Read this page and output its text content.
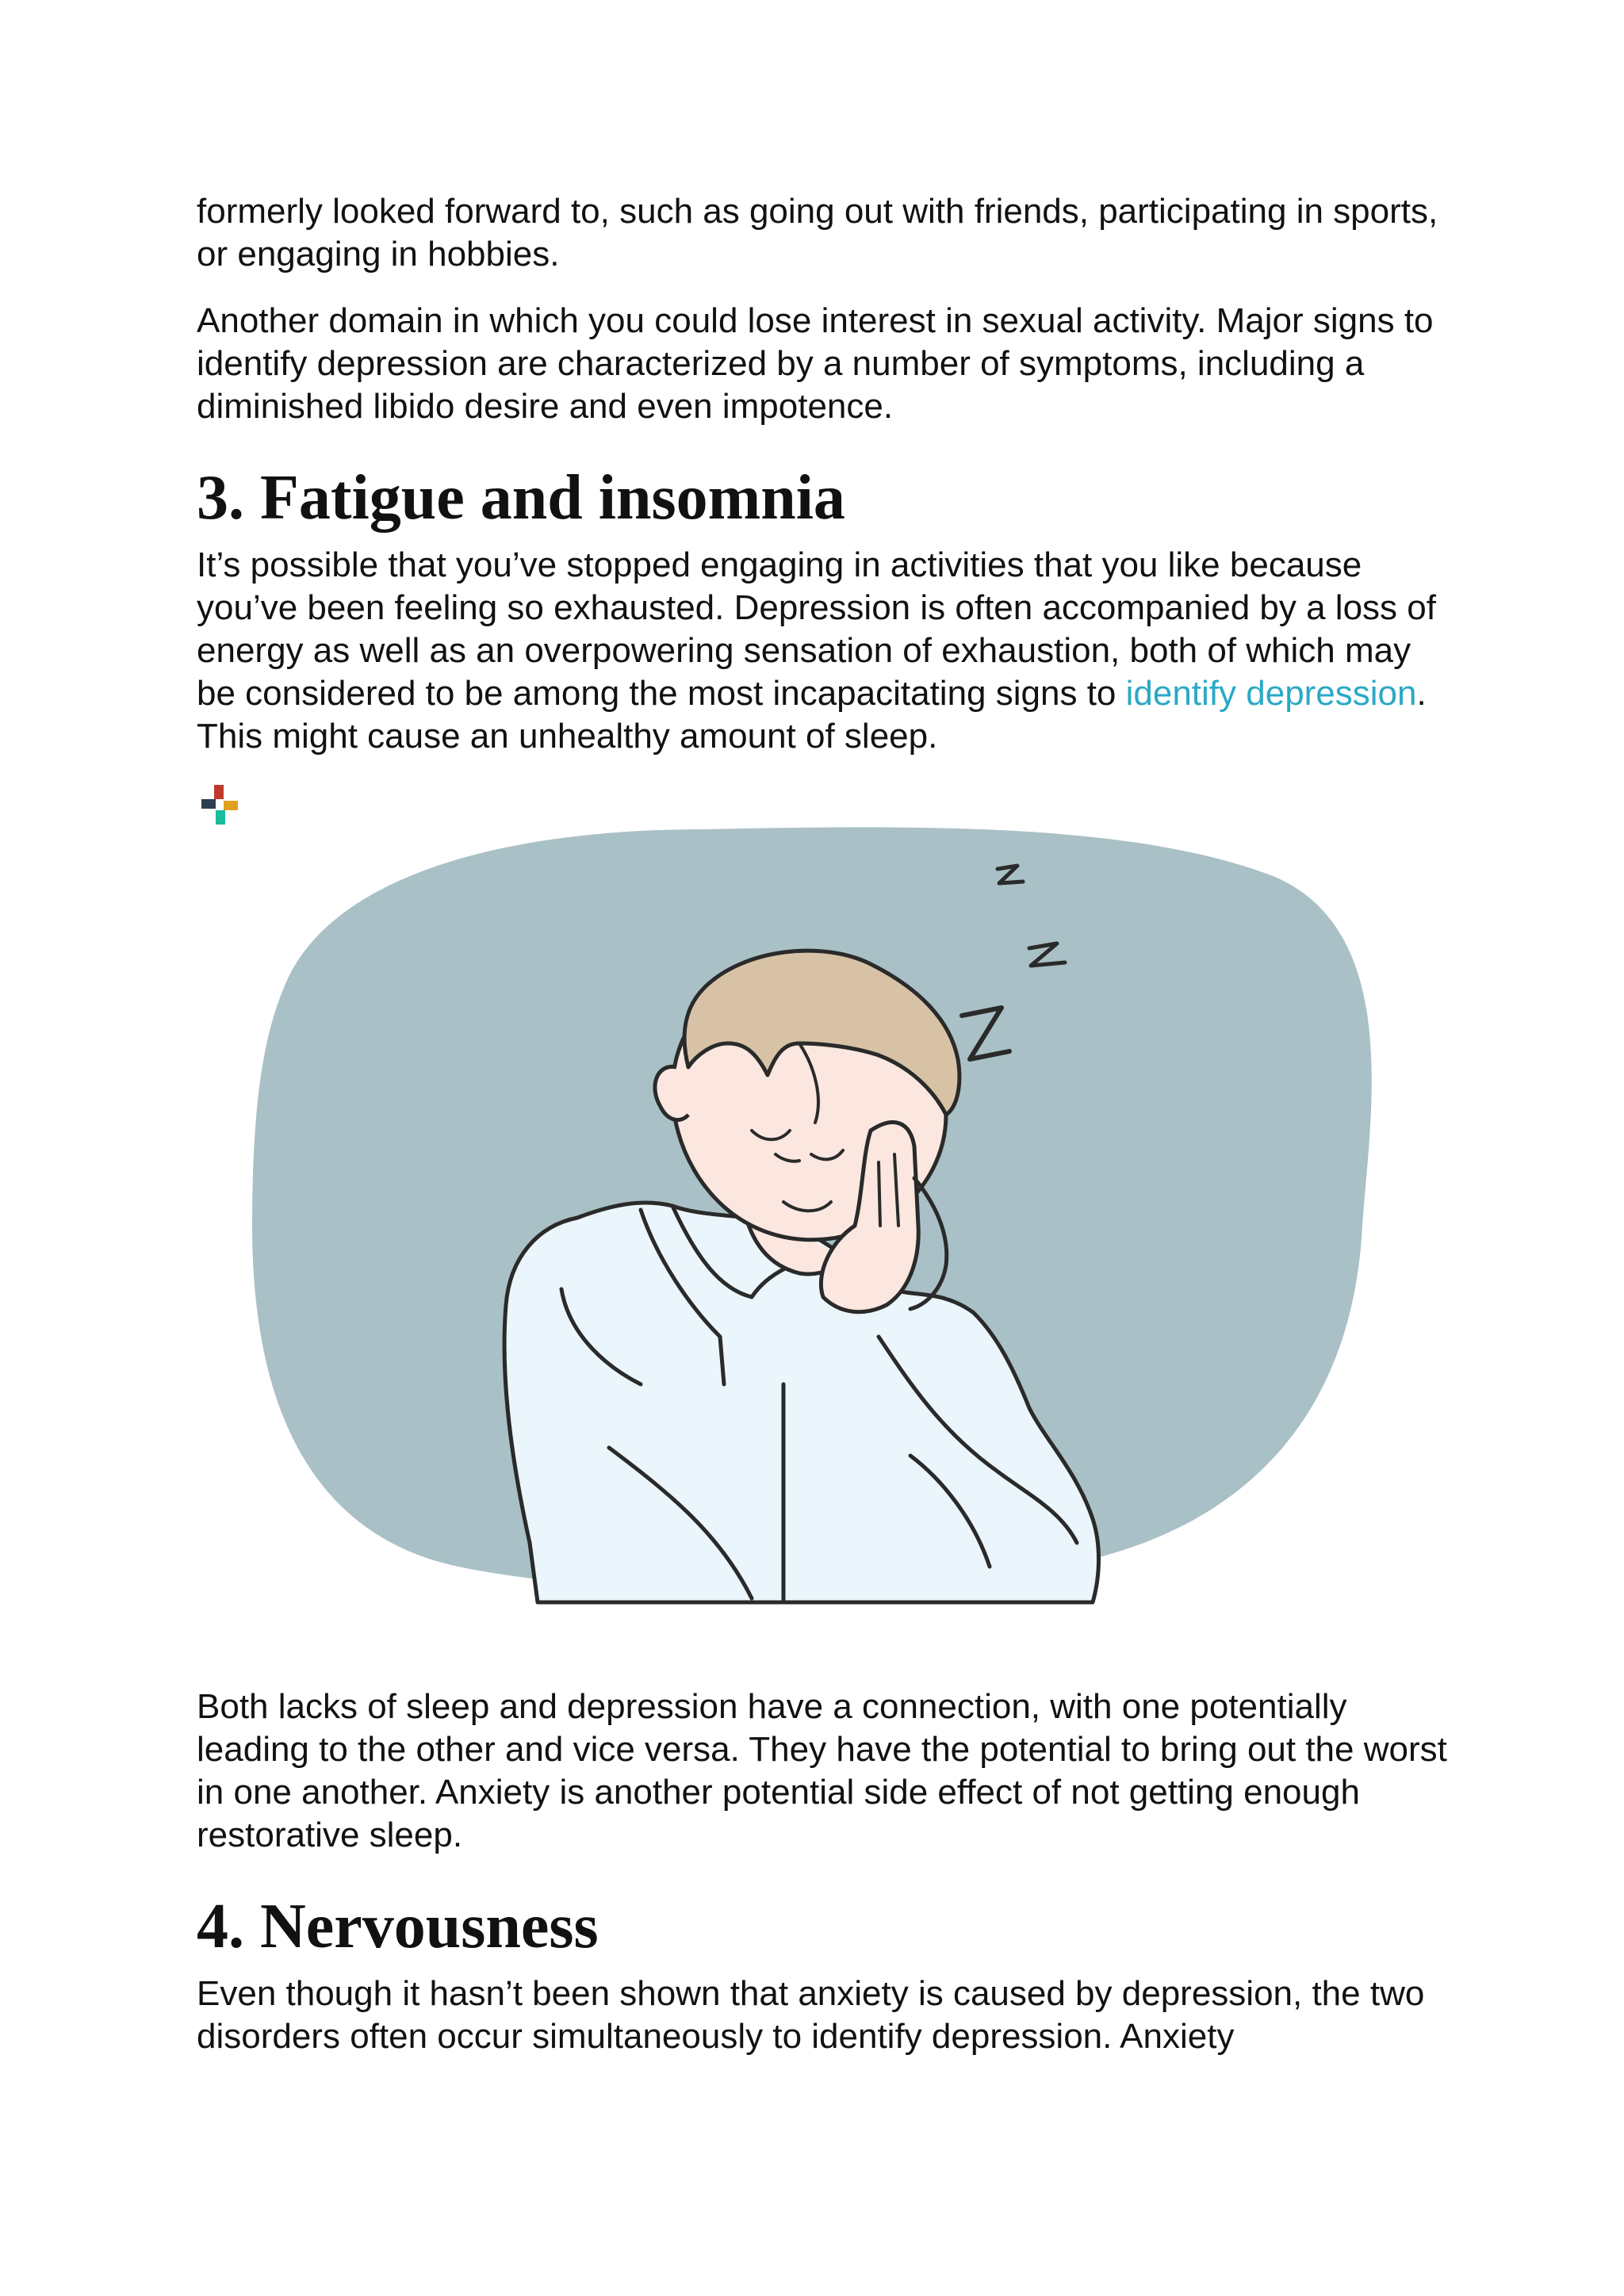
formerly looked forward to, such as going out with friends, participating in sports, or engaging in hobbies.

Another domain in which you could lose interest in sexual activity. Major signs to identify depression are characterized by a number of symptoms, including a diminished libido desire and even impotence.

3. Fatigue and insomnia

It’s possible that you’ve stopped engaging in activities that you like because you’ve been feeling so exhausted. Depression is often accompanied by a loss of energy as well as an overpowering sensation of exhaustion, both of which may be considered to be among the most incapacitating signs to identify depression. This might cause an unhealthy amount of sleep.

Both lacks of sleep and depression have a connection, with one potentially leading to the other and vice versa. They have the potential to bring out the worst in one another. Anxiety is another potential side effect of not getting enough restorative sleep.

4. Nervousness

Even though it hasn’t been shown that anxiety is caused by depression, the two disorders often occur simultaneously to identify depression. Anxiety
